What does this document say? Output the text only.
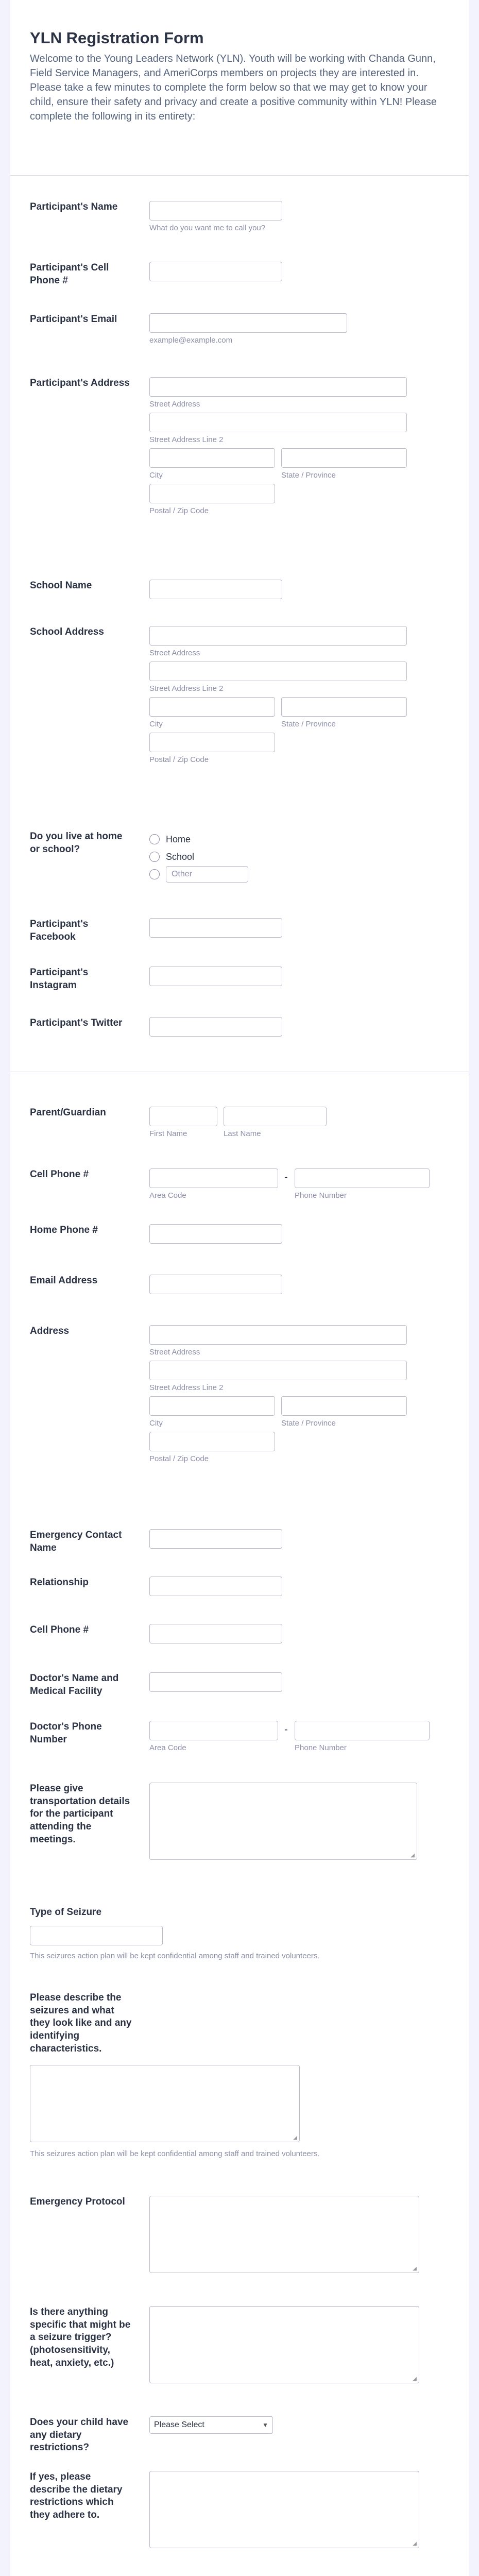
YLN Registration Form
Welcome to the Young Leaders Network (YLN). Youth will be working with Chanda Gunn, Field Service Managers, and AmeriCorps members on projects they are interested in. Please take a few minutes to complete the form below so that we may get to know your child, ensure their safety and privacy and create a positive community within YLN! Please complete the following in its entirety:
Participant's Name
What do you want me to call you?
Participant's Cell Phone #
Participant's Email
example@example.com
Participant's Address
Street Address
Street Address Line 2
City	State / Province
Postal / Zip Code
School Name
School Address
Street Address
Street Address Line 2
City	State / Province
Postal / Zip Code
Do you live at home or school?
Home
School
Other
Participant's Facebook
Participant's Instagram
Participant's Twitter
Parent/Guardian
First Name	Last Name
Cell Phone #
Area Code
-
Phone Number
Home Phone #
Email Address
Address
Street Address
Street Address Line 2
City	State / Province
Postal / Zip Code
Emergency Contact Name
Relationship
Cell Phone #
Doctor's Name and Medical Facility
Doctor's Phone Number
Area Code
-
Phone Number
Please give transportation details for the participant attending the meetings.
◢
Type of Seizure
This seizures action plan will be kept confidential among staff and trained volunteers.
Please describe the seizures and what they look like and any identifying characteristics.
◢
This seizures action plan will be kept confidential among staff and trained volunteers.
Emergency Protocol
◢
Is there anything specific that might be a seizure trigger? (photosensitivity, heat, anxiety, etc.)
◢
Does your child have any dietary restrictions?
Please Select	▼
If yes, please describe the dietary restrictions which they adhere to.
◢
